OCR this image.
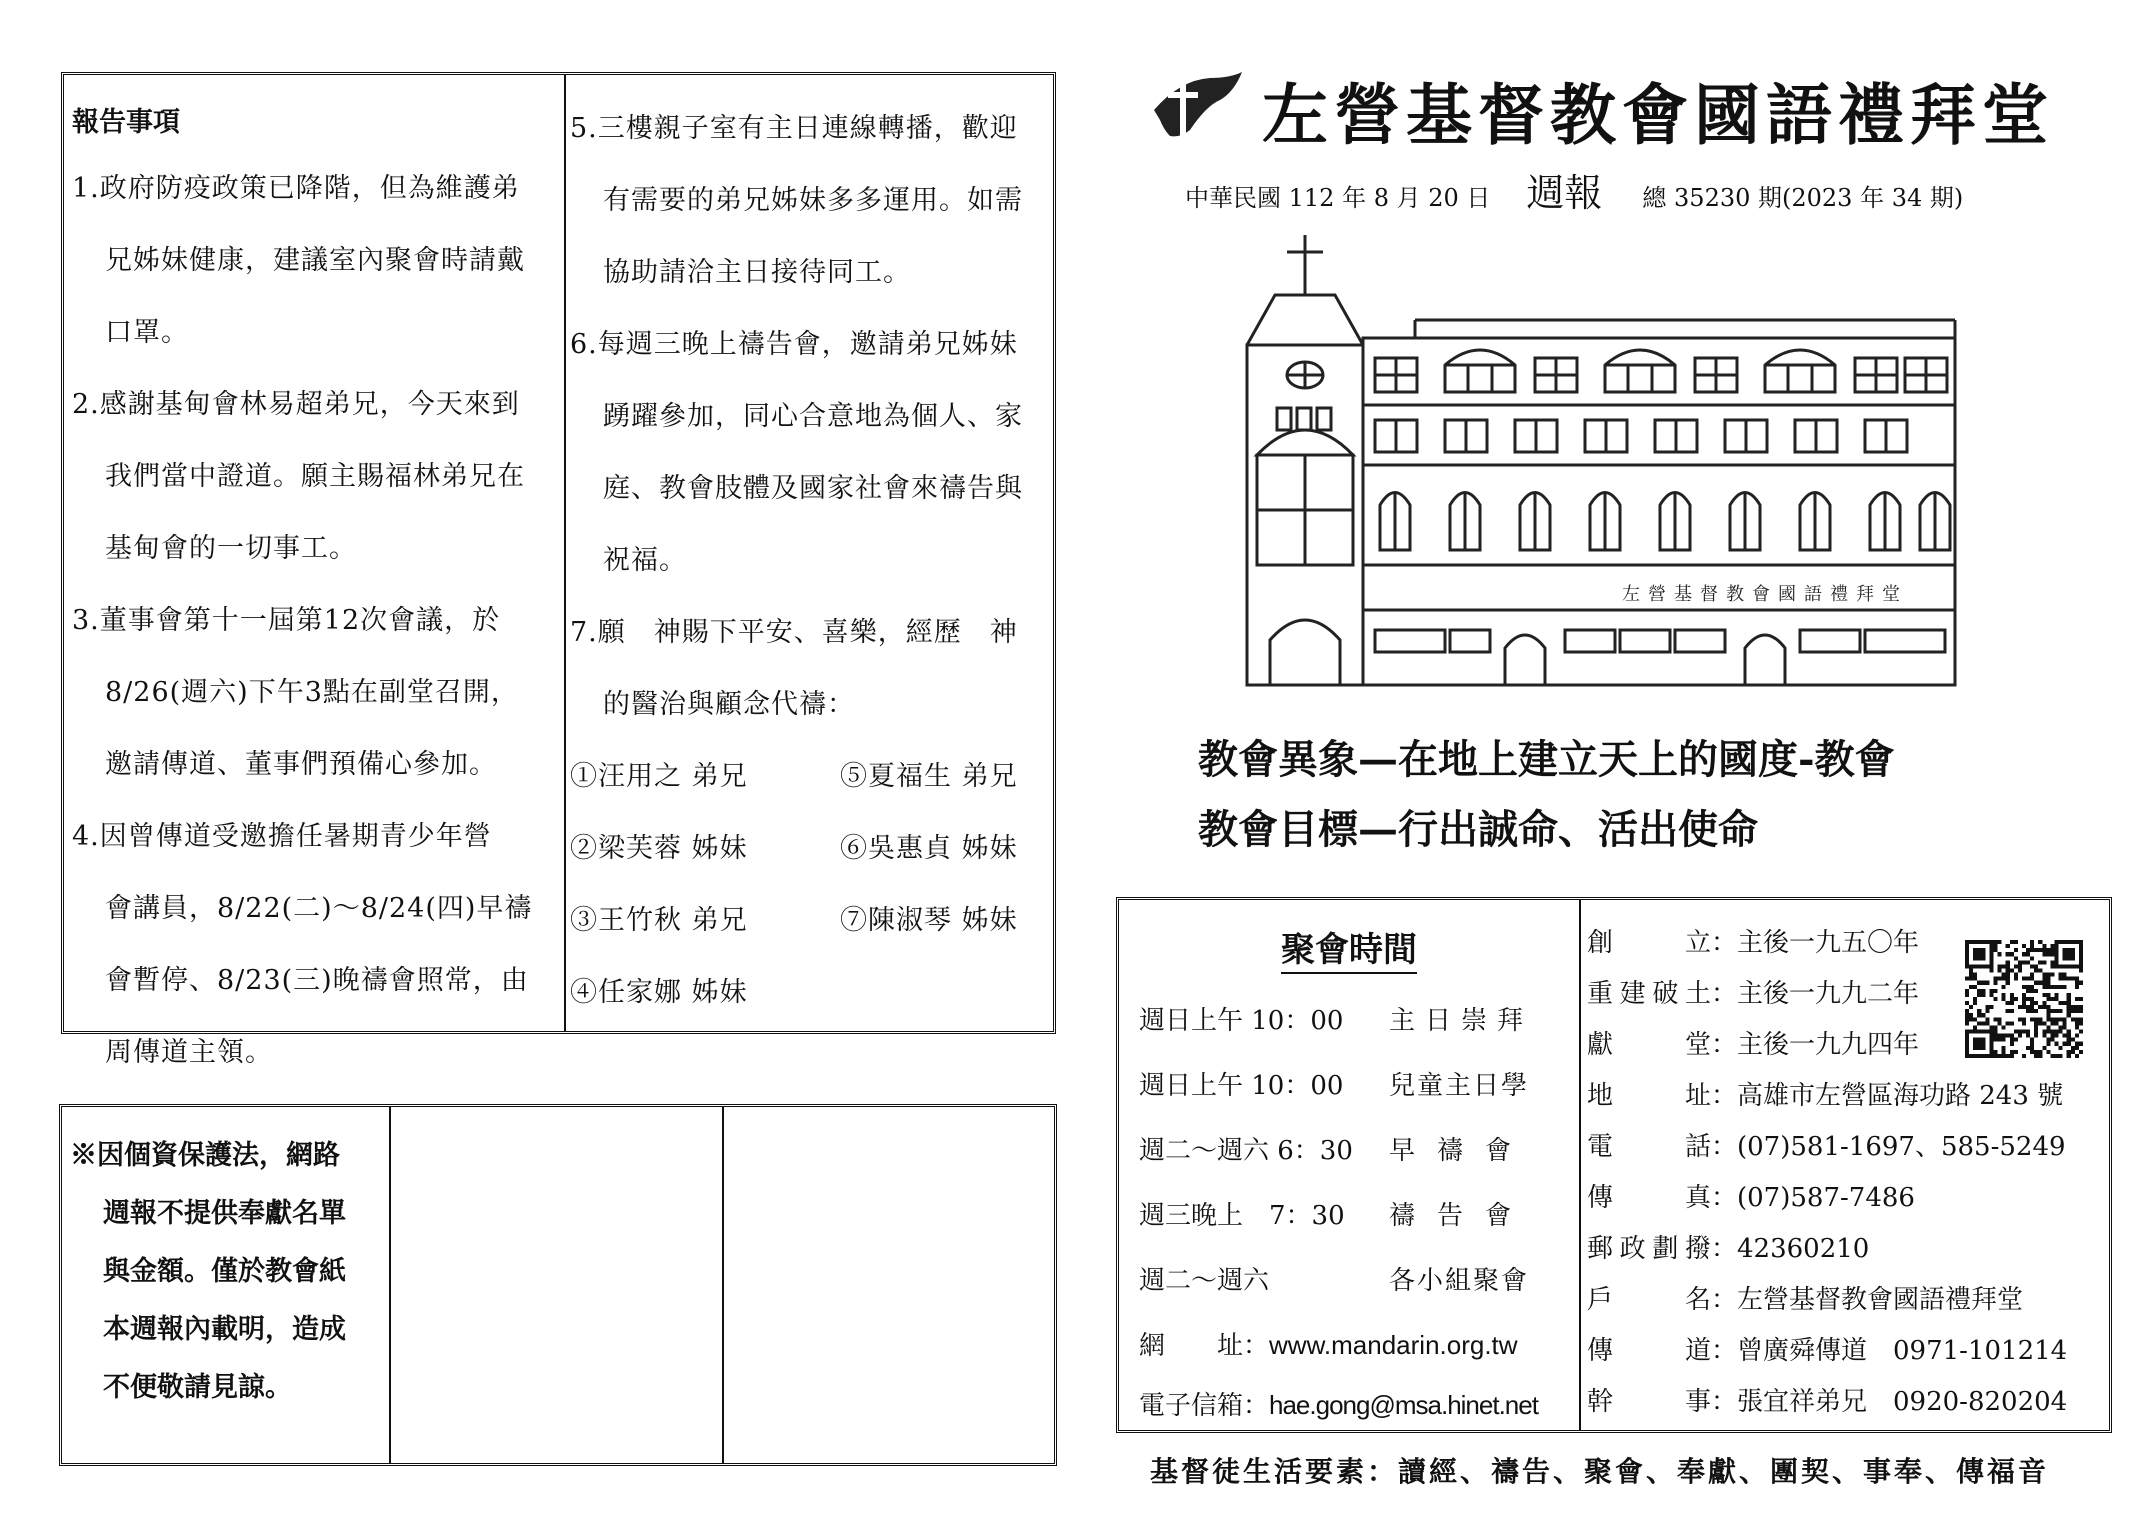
報告事項
1.政府防疫政策已降階，但為維護弟
兄姊妹健康，建議室內聚會時請戴
口罩。
2.感謝基甸會林易超弟兄，今天來到
我們當中證道。願主賜福林弟兄在
基甸會的一切事工。
3.董事會第十一屆第12次會議，於
8/26(週六)下午3點在副堂召開，
邀請傳道、董事們預備心參加。
4.因曾傳道受邀擔任暑期青少年營
會講員，8/22(二)～8/24(四)早禱
會暫停、8/23(三)晚禱會照常，由
周傳道主領。
5.三樓親子室有主日連線轉播，歡迎
有需要的弟兄姊妹多多運用。如需
協助請洽主日接待同工。
6.每週三晚上禱告會，邀請弟兄姊妹
踴躍參加，同心合意地為個人、家
庭、教會肢體及國家社會來禱告與
祝福。
7.願　神賜下平安、喜樂，經歷　神
的醫治與顧念代禱：
①汪用之 弟兄	⑤夏福生 弟兄
②梁芙蓉 姊妹	⑥吳惠貞 姊妹
③王竹秋 弟兄	⑦陳淑琴 姊妹
④任家娜 姊妹
※因個資保護法，網路
週報不提供奉獻名單
與金額。僅於教會紙
本週報內載明，造成
不便敬請見諒。
左營基督教會國語禮拜堂
中華民國 112 年 8 月 20 日 週報 總 35230 期(2023 年 34 期)
左營基督教會國語禮拜堂
教會異象—在地上建立天上的國度-教會
教會目標—行出誠命、活出使命
聚會時間
週日上午 10：00 主日崇拜
週日上午 10：00 兒童主日學
週二～週六 6：30 早禱會
週三晚上　7：30 禱告會
週二～週六	各小組聚會
網　　址：www.mandarin.org.tw
電子信箱：hae.gong@msa.hinet.net
創立：主後一九五〇年
重建破土：主後一九九二年
獻堂：主後一九九四年
地址：高雄市左營區海功路 243 號
電話：(07)581-1697、585-5249
傳真：(07)587-7486
郵政劃撥：42360210
戶名：左營基督教會國語禮拜堂
傳道：曾廣舜傳道　0971-101214
幹事：張宜祥弟兄　0920-820204
基督徒生活要素：讀經、禱告、聚會、奉獻、團契、事奉、傳福音
